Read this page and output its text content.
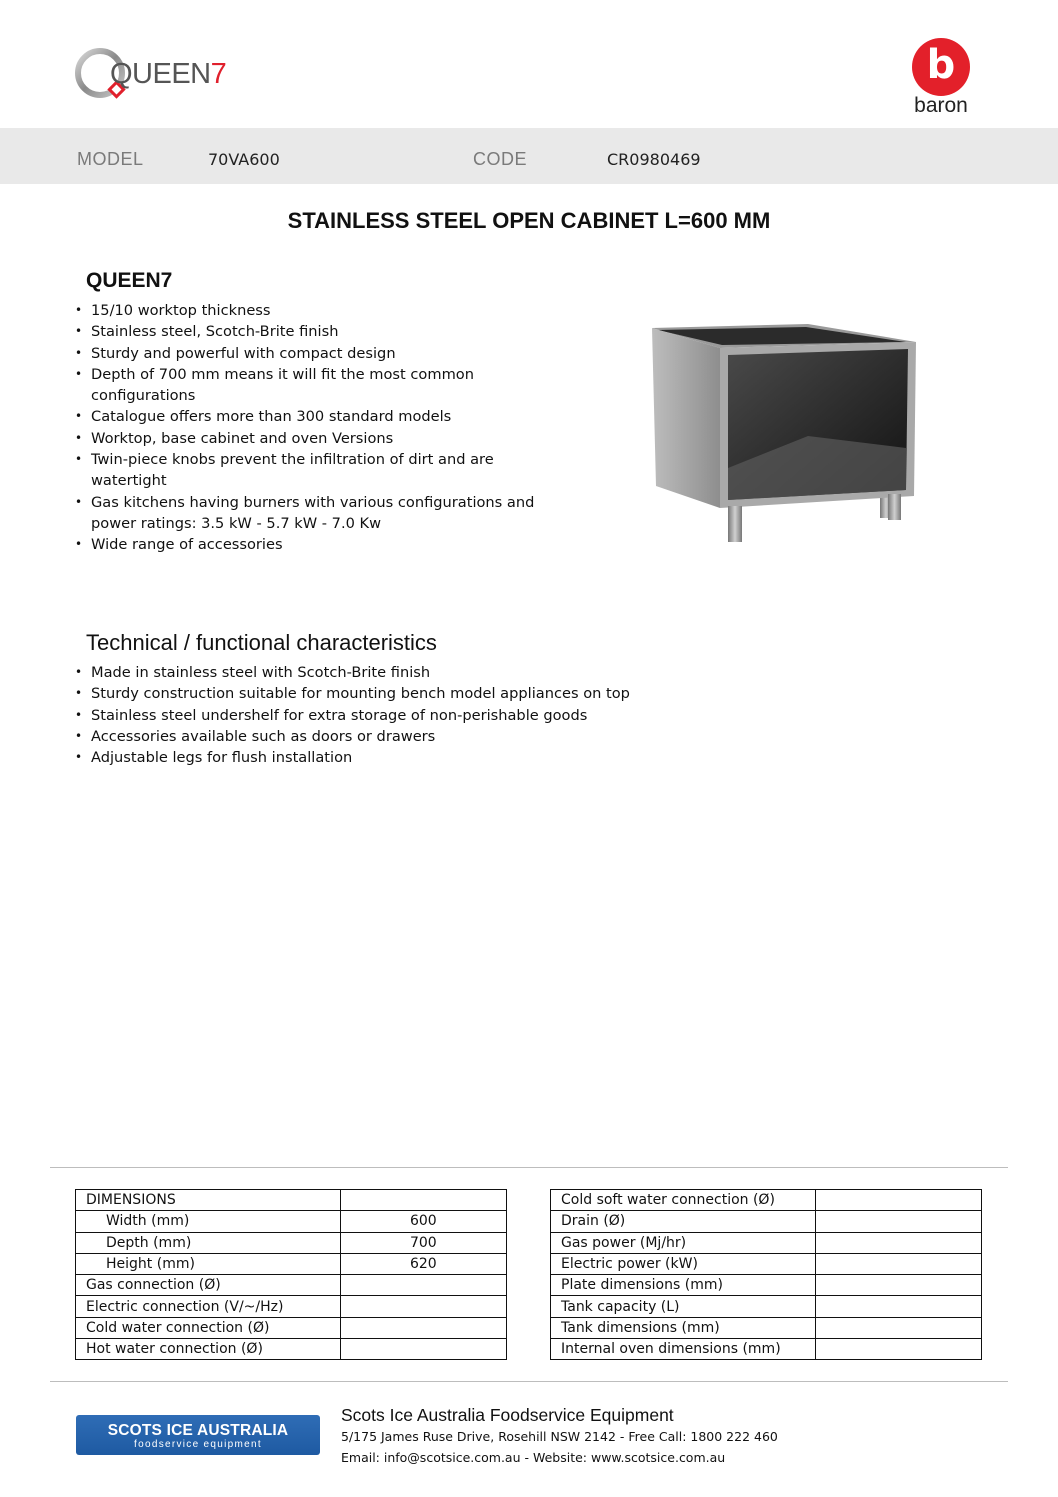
QUEEN7	b
baron
MODEL	70VA600	CODE	CR0980469
STAINLESS STEEL OPEN CABINET L=600 MM
QUEEN7
• 15/10 worktop thickness
• Stainless steel, Scotch-Brite finish
• Sturdy and powerful with compact design
• Depth of 700 mm means it will fit the most common
configurations
• Catalogue offers more than 300 standard models
• Worktop, base cabinet and oven Versions
• Twin-piece knobs prevent the infiltration of dirt and are
watertight
• Gas kitchens having burners with various configurations and
power ratings: 3.5 kW - 5.7 kW - 7.0 Kw
• Wide range of accessories
Technical / functional characteristics
• Made in stainless steel with Scotch-Brite finish
• Sturdy construction suitable for mounting bench model appliances on top
• Stainless steel undershelf for extra storage of non-perishable goods
• Accessories available such as doors or drawers
• Adjustable legs for flush installation
DIMENSIONS	
Width (mm)	600
Depth (mm)	700
Height (mm)	620
Gas connection (Ø)	
Electric connection (V/~/Hz)	
Cold water connection (Ø)	
Hot water connection (Ø)	
Cold soft water connection (Ø)	
Drain (Ø)	
Gas power (Mj/hr)	
Electric power (kW)	
Plate dimensions (mm)	
Tank capacity (L)	
Tank dimensions (mm)	
Internal oven dimensions (mm)	
SCOTS ICE AUSTRALIA
foodservice equipment
Scots Ice Australia Foodservice Equipment
5/175 James Ruse Drive, Rosehill NSW 2142 - Free Call: 1800 222 460
Email: info@scotsice.com.au - Website: www.scotsice.com.au
